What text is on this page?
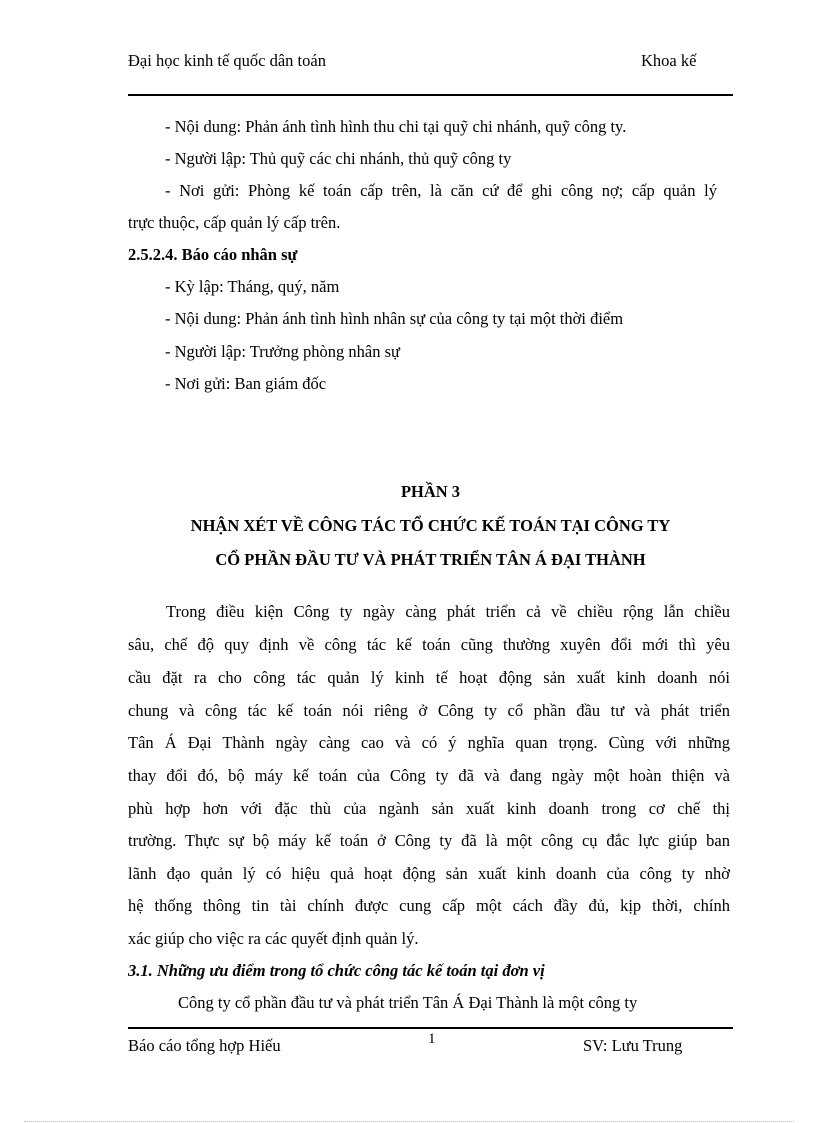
Đại học kinh tế quốc dân toán	Khoa kế
- Nội dung: Phản ánh tình hình thu chi tại quỹ chi nhánh, quỹ công ty.
- Người lập: Thủ quỹ các chi nhánh, thủ quỹ công ty
- Nơi gửi: Phòng kế toán cấp trên, là căn cứ để ghi công nợ; cấp quản lý
trực thuộc, cấp quản lý cấp trên.
2.5.2.4. Báo cáo nhân sự
- Kỳ lập: Tháng, quý, năm
- Nội dung: Phản ánh tình hình nhân sự của công ty tại một thời điểm
- Người lập: Trưởng phòng nhân sự
- Nơi gửi: Ban giám đốc
PHẦN 3
NHẬN XÉT VỀ CÔNG TÁC TỔ CHỨC KẾ TOÁN TẠI CÔNG TY
CỔ PHẦN ĐẦU TƯ VÀ PHÁT TRIỂN TÂN Á ĐẠI THÀNH
Trong điều kiện Công ty ngày càng phát triển cả về chiều rộng lẫn chiều
sâu, chế độ quy định về công tác kế toán cũng thường xuyên đổi mới thì yêu
cầu đặt ra cho công tác quản lý kinh tế hoạt động sản xuất kinh doanh nói
chung và công tác kế toán nói riêng ở Công ty cổ phần đầu tư và phát triển
Tân Á Đại Thành ngày càng cao và có ý nghĩa quan trọng. Cùng với những
thay đổi đó, bộ máy kế toán của Công ty đã và đang ngày một hoàn thiện và
phù hợp hơn với đặc thù của ngành sản xuất kinh doanh trong cơ chế thị
trường. Thực sự bộ máy kế toán ở Công ty đã là một công cụ đắc lực giúp ban
lãnh đạo quản lý có hiệu quả hoạt động sản xuất kinh doanh của công ty nhờ
hệ thống thông tin tài chính được cung cấp một cách đầy đủ, kịp thời, chính
xác giúp cho việc ra các quyết định quản lý.
3.1. Những ưu điểm trong tổ chức công tác kế toán tại đơn vị
Công ty cổ phần đầu tư và phát triển Tân Á Đại Thành là một công ty
Báo cáo tổng hợp Hiếu	1	SV: Lưu Trung
